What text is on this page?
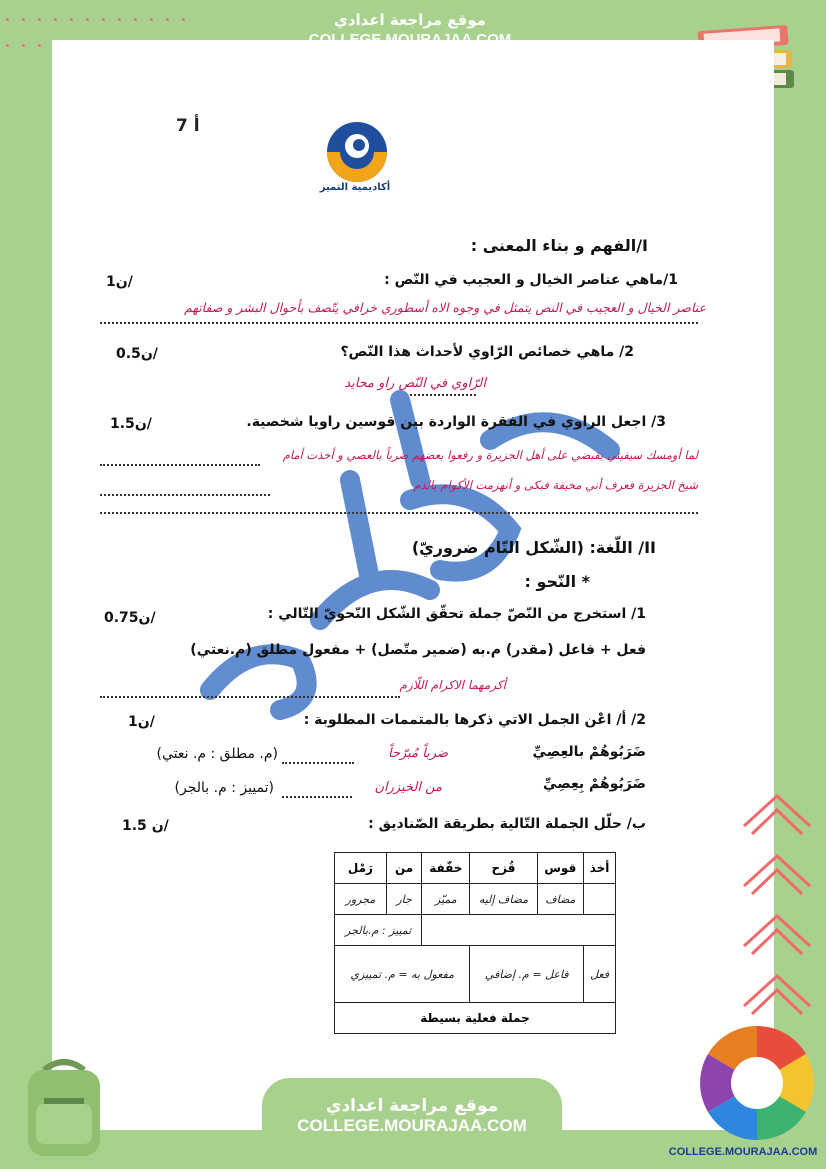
موقع مراجعة اعدادي
7 أ
أكاديمية التميز
I/الفهم و بناء المعنى :
1/ماهي عناصر الخيال و العجيب في النّص :
1ن/
عناصر الخيال و العجيب في النص يتمثل في وجوه الاه أسطوري خرافي يتّصف بأحوال البشر و صفاتهم
2/ ماهي خصائص الرّاوي لأحداث هذا النّص؟
0.5ن/
الرّاوي في النّص راو محايد
3/ اجعل الراوي في الفقرة الواردة بين قوسين راويا شخصية.
1.5ن/
لما أومسك سيفيتي بقبضي على أهل الجزيرة و رفعوا بعضهم ضرباً بالعصي و أخذت أمام
شيخ الجزيرة فعرف أني مخيفة فبكى و أنهزمت الأكوام بالذم
II/ اللّغة: (الشّكل التّام ضروريّ)
* النّحو :
1/ استخرج من النّصّ جملة تحقّق الشّكل النّحويّ التّالي :
0.75ن/
فعل + فاعل (مقدر) م.به (ضمير متّصل) + مفعول مطلق (م.نعتي)
أكرمهما الاكرام اللّازم
2/ أ/ اعْن الجمل الاتي ذكرها بالمتممات المطلوبة :
1ن/
ضَرَبُوهُمْ بالعِصِيِّ
ضرباً مُبرّحاً
(م. مطلق : م. نعتي)
ضَرَبُوهُمْ بِعِصِيِّ
من الخيزران
(تمييز : م. بالجر)
ب/ حلّل الجملة التّالية بطريقة الصّناديق :
1.5 ن/
أخذ	قوس	قُزح	خفّفة	من	رَمْل
	مضاف	مضاف إليه	مميّز	جار	مجرور
				تمييز : م.بالجر	
فعل	فاعل = م. إضافي		مفعول به = م. تمييزي		
جملة فعلية بسيطة					
موقع مراجعة اعدادي
COLLEGE.MOURAJAA.COM
COLLEGE.MOURAJAA.COM
